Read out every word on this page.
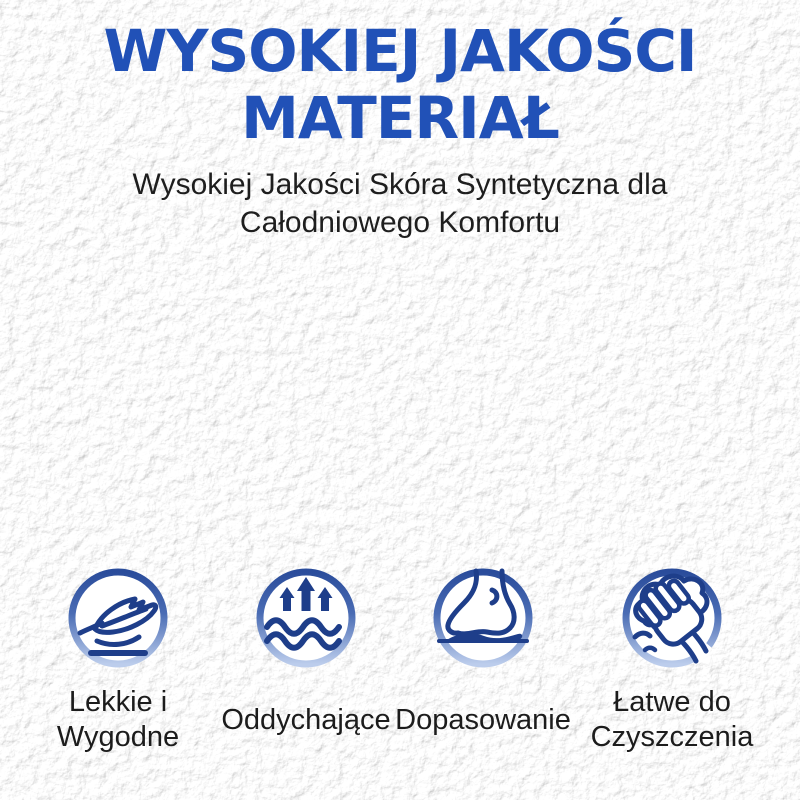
WYSOKIEJ JAKOŚCI
MATERIAŁ

Wysokiej Jakości Skóra Syntetyczna dla
Całodniowego Komfortu

Lekkie i
Wygodne
Oddychające Dopasowanie
Łatwe do
Czyszczenia
